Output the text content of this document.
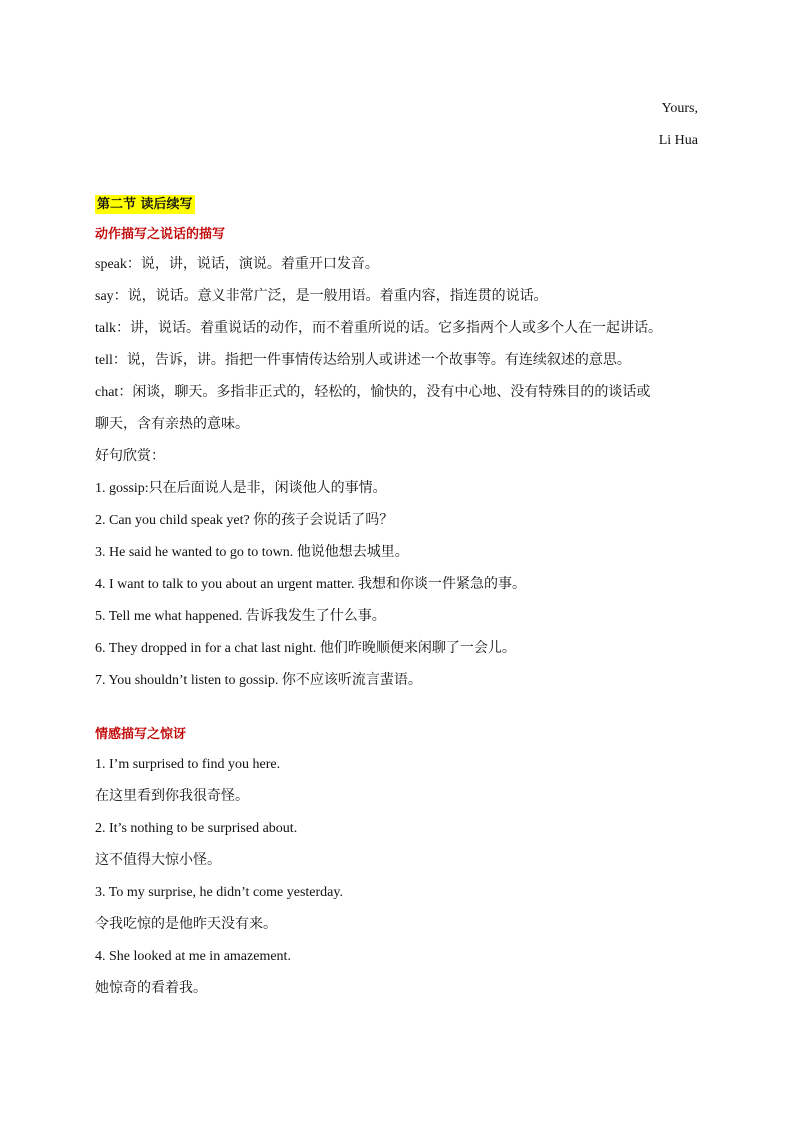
Yours,
Li Hua
第二节 读后续写
动作描写之说话的描写
speak：说，讲，说话，演说。着重开口发音。
say：说，说话。意义非常广泛，是一般用语。着重内容，指连贯的说话。
talk：讲，说话。着重说话的动作，而不着重所说的话。它多指两个人或多个人在一起讲话。
tell：说，告诉，讲。指把一件事情传达给别人或讲述一个故事等。有连续叙述的意思。
chat：闲谈，聊天。多指非正式的，轻松的，愉快的，没有中心地、没有特殊目的的谈话或
聊天，含有亲热的意味。
好句欣赏：
1. gossip:只在后面说人是非，闲谈他人的事情。
2. Can you child speak yet? 你的孩子会说话了吗？
3. He said he wanted to go to town. 他说他想去城里。
4. I want to talk to you about an urgent matter. 我想和你谈一件紧急的事。
5. Tell me what happened. 告诉我发生了什么事。
6. They dropped in for a chat last night. 他们昨晚顺便来闲聊了一会儿。
7. You shouldn’t listen to gossip. 你不应该听流言蜚语。
情感描写之惊讶
1. I’m surprised to find you here.
在这里看到你我很奇怪。
2. It’s nothing to be surprised about.
这不值得大惊小怪。
3. To my surprise, he didn’t come yesterday.
令我吃惊的是他昨天没有来。
4. She looked at me in amazement.
她惊奇的看着我。
